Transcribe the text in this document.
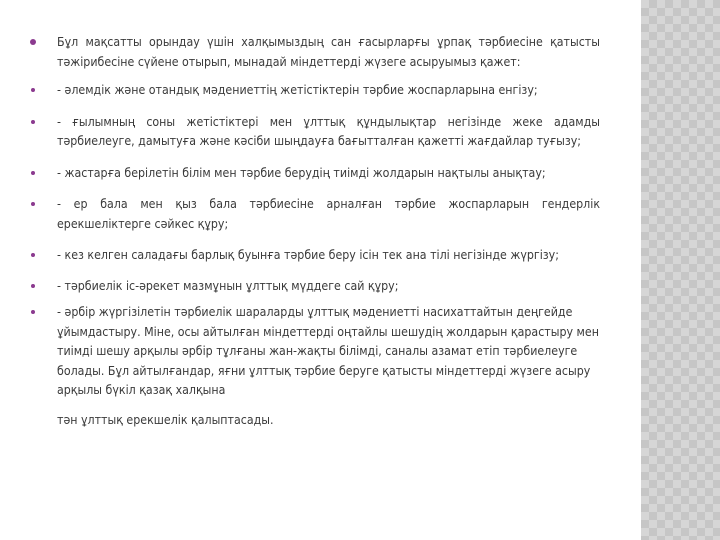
Бұл мақсатты орындау үшін халқымыздың сан ғасырларғы ұрпақ тәрбиесіне қатысты тәжірибесіне сүйене отырып, мынадай міндеттерді жүзеге асыруымыз қажет:
- әлемдік және отандық мәдениеттің жетістіктерін тәрбие жоспарларына енгізу;
- ғылымның соны жетістіктері мен ұлттық құндылықтар негізінде жеке адамды тәрбиелеуге, дамытуға және кәсіби шыңдауға бағытталған қажетті жағдайлар туғызу;
- жастарға берілетін білім мен тәрбие берудің тиімді жолдарын нақтылы анықтау;
- ер бала мен қыз бала тәрбиесіне арналған тәрбие жоспарларын гендерлік ерекшеліктерге сәйкес құру;
- кез келген саладағы барлық буынға тәрбие беру ісін тек ана тілі негізінде жүргізу;
- тәрбиелік іс-әрекет мазмұнын ұлттық мүддеге сай құру;
- әрбір жүргізілетін тәрбиелік шараларды ұлттық мәдениетті насихаттайтын деңгейде ұйымдастыру. Міне, осы айтылған міндеттерді оңтайлы шешудің жолдарын қарастыру мен тиімді шешу арқылы әрбір тұлғаны жан-жақты білімді, саналы азамат етіп тәрбиелеуге болады. Бұл айтылғандар, яғни ұлттық тәрбие беруге қатысты міндеттерді жүзеге асыру арқылы бүкіл қазақ халқына
тән ұлттық ерекшелік қалыптасады.
